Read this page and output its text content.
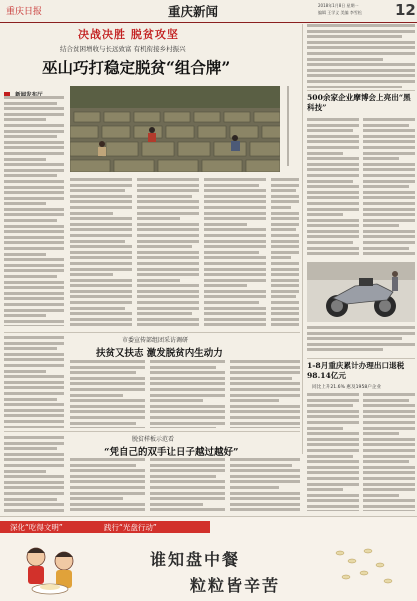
重庆日报	重庆新闻	2018年1月8日 星期一
编辑 王学义 美编 李雪松 12
决战决胜 脱贫攻坚
结合贫困增收与长远致富 有机衔接乡村振兴
巫山巧打稳定脱贫“组合牌”
500余家企业摩博会上亮出“黑科技”
1-8月重庆累计办理出口退税98.14亿元
同比上升21.6% 惠及1958户企业
市委宣传部组团采访调研
扶贫又扶志 激发脱贫内生动力
脱贫样板示范看
“凭自己的双手让日子越过越好”
深化“吃得文明”	践行“光盘行动”
谁知盘中餐
粒粒皆辛苦
